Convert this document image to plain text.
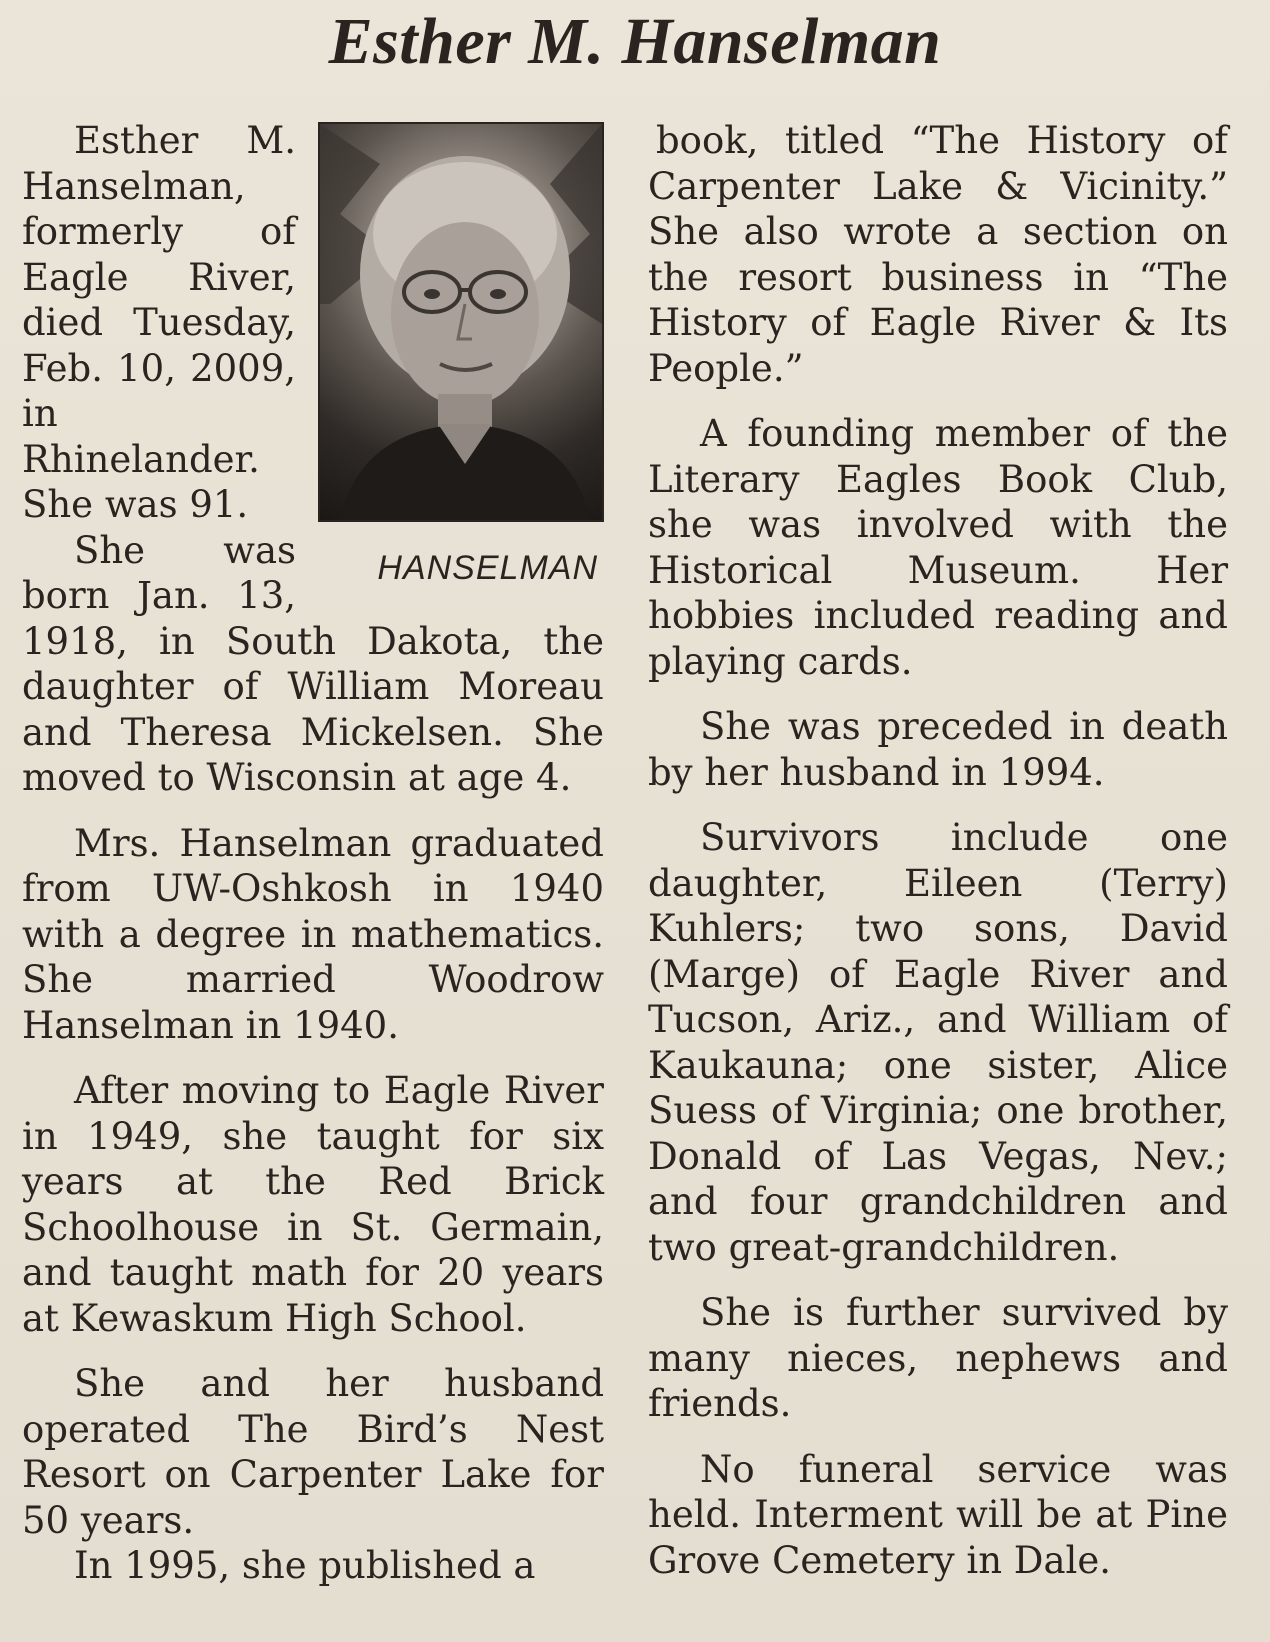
Esther M. Hanselman
HANSELMAN

Esther M. Hanselman, formerly of Eagle River, died Tuesday, Feb. 10, 2009, in Rhinelander. She was 91.

She was born Jan. 13, 1918, in South Dakota, the daughter of William Moreau and Theresa Mickelsen. She moved to Wisconsin at age 4.

Mrs. Hanselman graduated from UW-Oshkosh in 1940 with a degree in mathematics. She married Woodrow Hanselman in 1940.

After moving to Eagle River in 1949, she taught for six years at the Red Brick Schoolhouse in St. Germain, and taught math for 20 years at Kewaskum High School.

She and her husband operated The Bird’s Nest Resort on Carpenter Lake for 50 years.

In 1995, she published a

book, titled “The History of Carpenter Lake & Vicinity.” She also wrote a section on the resort business in “The History of Eagle River & Its People.”

A founding member of the Literary Eagles Book Club, she was involved with the Historical Museum. Her hobbies included reading and playing cards.

She was preceded in death by her husband in 1994.

Survivors include one daughter, Eileen (Terry) Kuhlers; two sons, David (Marge) of Eagle River and Tucson, Ariz., and William of Kaukauna; one sister, Alice Suess of Virginia; one brother, Donald of Las Vegas, Nev.; and four grandchildren and two great-grandchildren.

She is further survived by many nieces, nephews and friends.

No funeral service was held. Interment will be at Pine Grove Cemetery in Dale.
